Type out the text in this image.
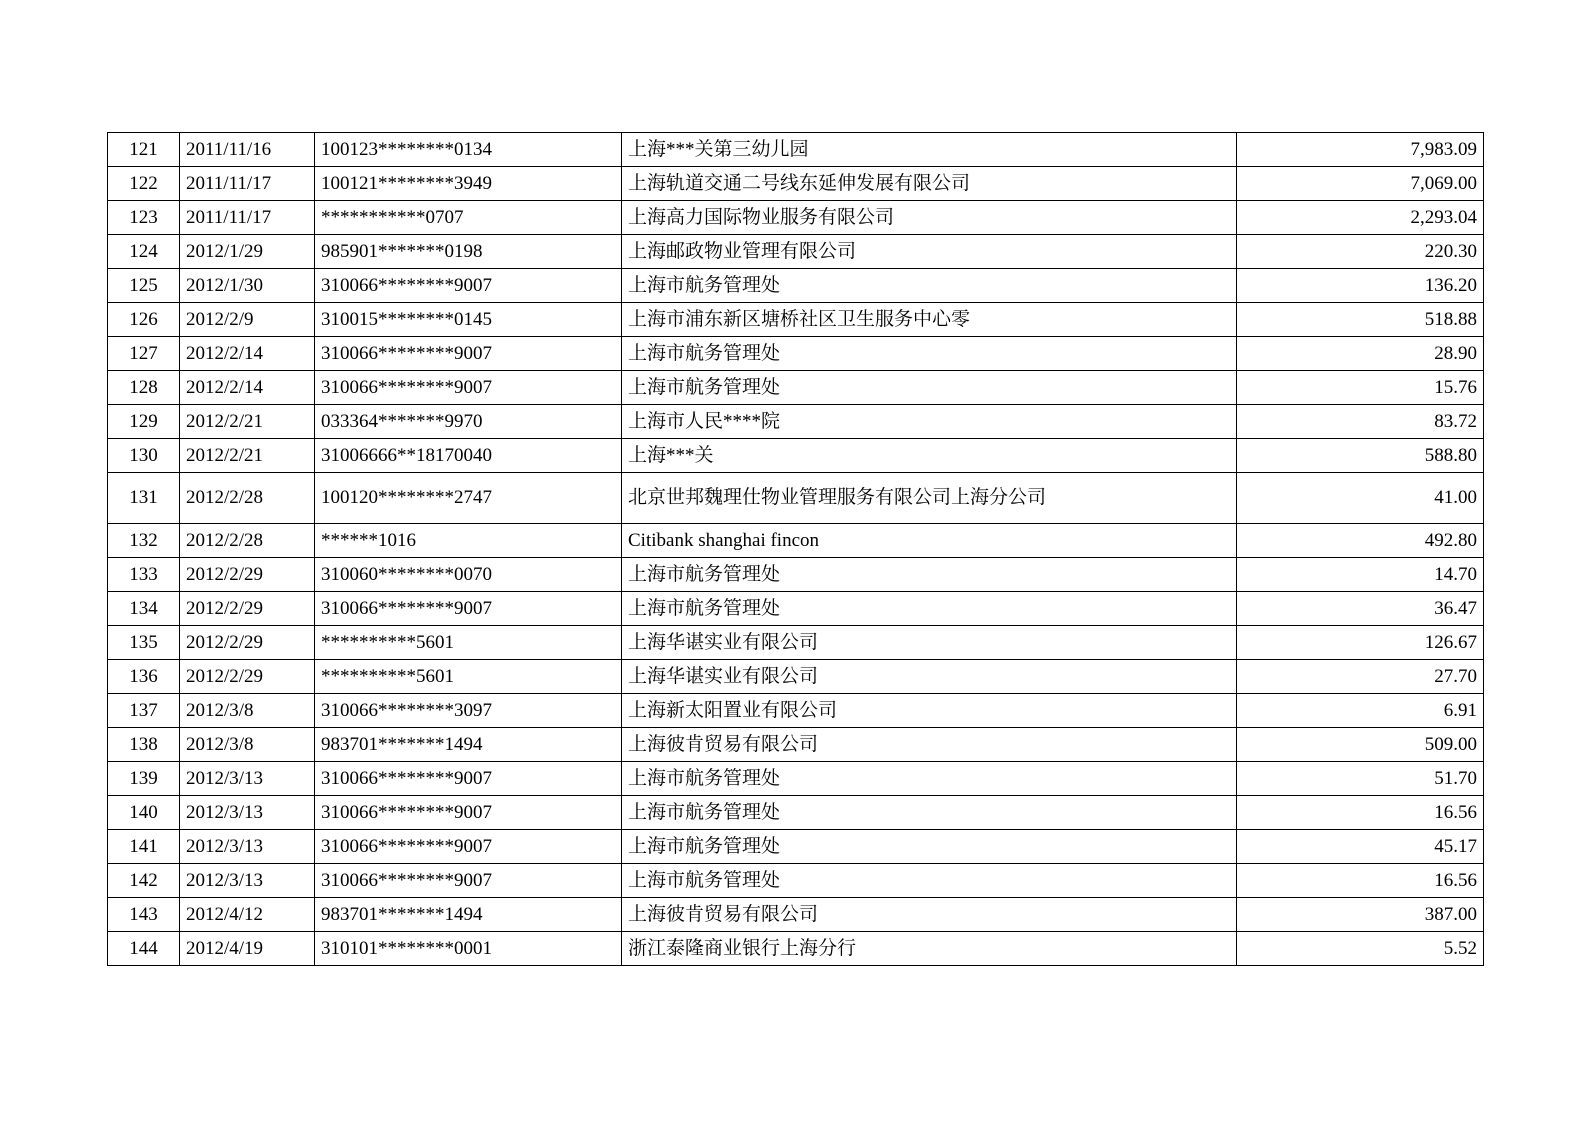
121	2011/11/16	100123********0134	上海***关第三幼儿园	7,983.09
122	2011/11/17	100121********3949	上海轨道交通二号线东延伸发展有限公司	7,069.00
123	2011/11/17	***********0707	上海高力国际物业服务有限公司	2,293.04
124	2012/1/29	985901*******0198	上海邮政物业管理有限公司	220.30
125	2012/1/30	310066********9007	上海市航务管理处	136.20
126	2012/2/9	310015********0145	上海市浦东新区塘桥社区卫生服务中心零	518.88
127	2012/2/14	310066********9007	上海市航务管理处	28.90
128	2012/2/14	310066********9007	上海市航务管理处	15.76
129	2012/2/21	033364*******9970	上海市人民****院	83.72
130	2012/2/21	31006666**18170040	上海***关	588.80
131	2012/2/28	100120********2747	北京世邦魏理仕物业管理服务有限公司上海分公司	41.00
132	2012/2/28	******1016	Citibank shanghai fincon	492.80
133	2012/2/29	310060********0070	上海市航务管理处	14.70
134	2012/2/29	310066********9007	上海市航务管理处	36.47
135	2012/2/29	**********5601	上海华谌实业有限公司	126.67
136	2012/2/29	**********5601	上海华谌实业有限公司	27.70
137	2012/3/8	310066********3097	上海新太阳置业有限公司	6.91
138	2012/3/8	983701*******1494	上海彼肯贸易有限公司	509.00
139	2012/3/13	310066********9007	上海市航务管理处	51.70
140	2012/3/13	310066********9007	上海市航务管理处	16.56
141	2012/3/13	310066********9007	上海市航务管理处	45.17
142	2012/3/13	310066********9007	上海市航务管理处	16.56
143	2012/4/12	983701*******1494	上海彼肯贸易有限公司	387.00
144	2012/4/19	310101********0001	浙江泰隆商业银行上海分行	5.52
